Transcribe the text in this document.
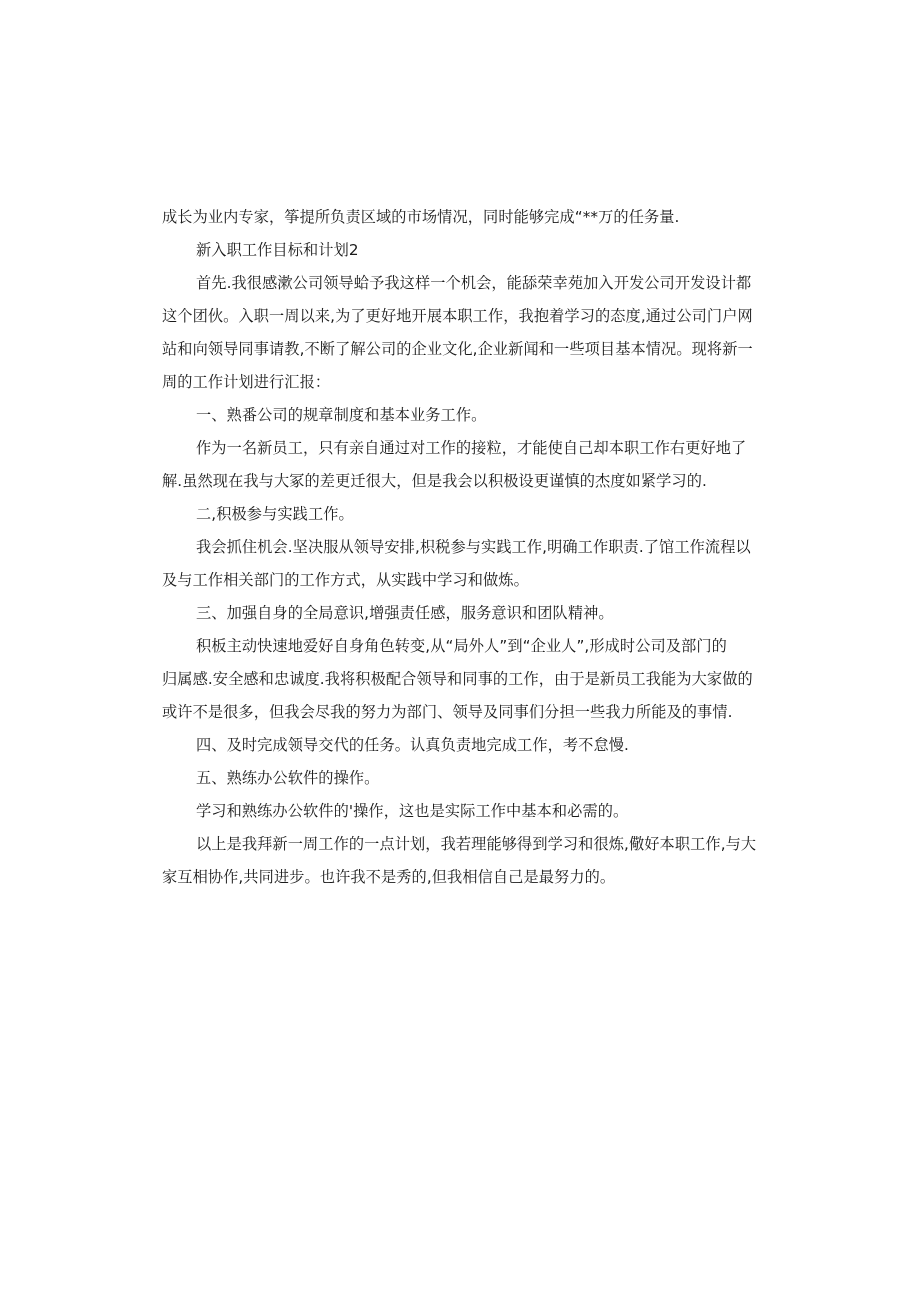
成长为业内专家，筝提所负责区域的市场情况，同时能够完成“**万的任务量.
新入职工作目标和计划2
首先.我很感漱公司领导蛤予我这样一个机会，能舔荣幸苑加入开发公司开发设计都
这个团伙。入职一周以来,为了更好地开展本职工作，我抱着学习的态度,通过公司门户网
站和向领导同事请教,不断了解公司的企业文化,企业新闻和一些项目基本情况。现将新一
周的工作计划进行汇报：
一、熟番公司的规章制度和基本业务工作。
作为一名新员工，只有亲自通过对工作的接粒，才能使自己却本职工作右更好地了
解.虽然现在我与大冢的差更迁很大，但是我会以积极设更谨慎的杰度如紧学习的.
二,积极参与实践工作。
我会抓住机会.坚决服从领导安排,枳税参与实践工作,明确工作职责.了馆工作流程以
及与工作相关部门的工作方式，从实践中学习和做炼。
三、加强自身的全局意识,增强责任感，服务意识和团队精神。
积板主动快速地爱好自身角色转变,从“局外人”到“企业人”,形成时公司及部门的
归属感.安全感和忠诚度.我将积极配合领导和同事的工作，由于是新员工我能为大家做的
或许不是很多，但我会尽我的努力为部门、领导及同事们分担一些我力所能及的事情.
四、及时完成领导交代的任务。认真负责地完成工作，考不怠慢.
五、熟练办公软件的操作。
学习和熟练办公软件的'操作，这也是实际工作中基本和必需的。
以上是我拜新一周工作的一点计划，我若理能够得到学习和很炼,儆好本职工作,与大
家互相协作,共同进步。也许我不是秀的,但我相信自己是最努力的。
